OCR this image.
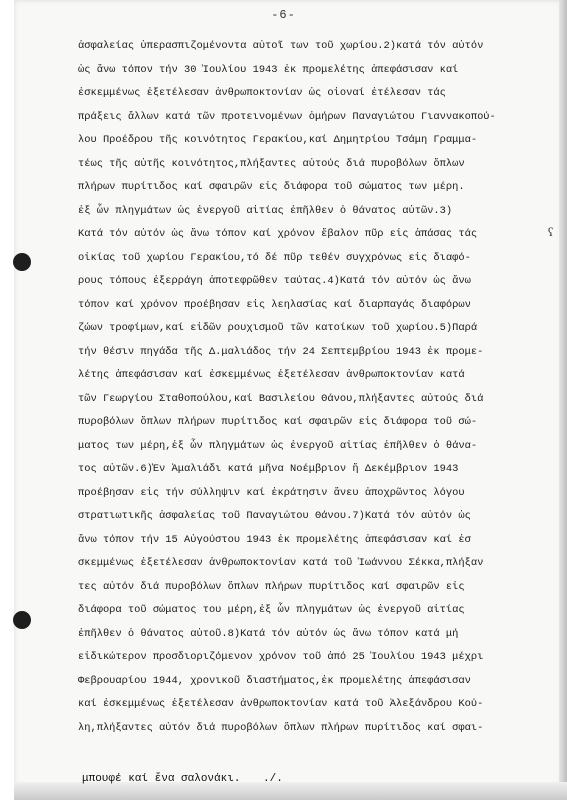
-6-
ʕ
ἀσφαλείας ὑπερασπιζομένοντα αὐτοῖ των τοῦ χωρίου.2)κατά τόν αὐτόν
ὡς ἄνω τόπον τήν 30 Ἰουλίου 1943 ἐκ προμελέτης ἀπεφάσισαν καί
ἐσκεμμένως ἐξετέλεσαν ἀνθρωποκτονίαν ὡς οἱοναί ἐτέλεσαν τάς
πράξεις ἄλλων κατά τῶν προτεινομένων ὁμήρων Παναγιώτου Γιαννακοπού-
λου Προέδρου τῆς κοινότητος Γερακίου,καί Δημητρίου Τσάμη Γραμμα-
τέως τῆς αὐτῆς κοινότητος,πλήξαντες αὐτούς διά πυροβόλων ὅπλων
πλήρων πυρίτιδος καί σφαιρῶν εἰς διάφορα τοῦ σώματος των μέρη.
ἐξ ὧν πληγμάτων ὡς ἐνεργοῦ αἰτίας ἐπῆλθεν ὁ θάνατος αὐτῶν.3)
Κατά τόν αὐτόν ὡς ἄνω τόπον καί χρόνον ἔβαλον πῦρ εἰς ἁπάσας τάς
οἰκίας τοῦ χωρίου Γερακίου,τό δέ πῦρ τεθέν συγχρόνως εἰς διαφό-
ρους τόπους ἐξερράγη ἀποτεφρῶθεν ταύτας.4)Κατά τόν αὐτόν ὡς ἄνω
τόπον καί χρόνον προέβησαν εἰς λεηλασίας καί διαρπαγάς διαφόρων
ζώων τροφίμων,καί εἰδῶν ρουχισμοῦ τῶν κατοίκων τοῦ χωρίου.5)Παρά
τήν θέσιν πηγάδα τῆς Δ.μαλιάδος τήν 24 Σεπτεμβρίου 1943 ἐκ προμε-
λέτης ἀπεφάσισαν καί ἐσκεμμένως ἐξετέλεσαν ἀνθρωποκτονίαν κατά
τῶν Γεωργίου Σταθοπούλου,καί Βασιλείου Θάνου,πλήξαντες αὐτούς διά
πυροβόλων ὅπλων πλήρων πυρίτιδος καί σφαιρῶν εἰς διάφορα τοῦ σώ-
ματος των μέρη,ἐξ ὧν πληγμάτων ὡς ἐνεργοῦ αἰτίας ἐπῆλθεν ὁ θάνα-
τος αὐτῶν.6)Ἐν Ἀμαλιάδι κατά μῆνα Νοέμβριον ἤ Δεκέμβριον 1943
προέβησαν εἰς τήν σύλληψιν καί ἐκράτησιν ἄνευ ἀποχρῶντος λόγου
στρατιωτικῆς ἀσφαλείας τοῦ Παναγιώτου Θάνου.7)Κατά τόν αὐτόν ὡς
ἄνω τόπον τήν 15 Αὐγούστου 1943 ἐκ προμελέτης ἀπεφάσισαν καί ἐσ
σκεμμένως ἐξετέλεσαν ἀνθρωποκτονίαν κατά τοῦ Ἰωάννου Σέκκα,πλήξαν
τες αὐτόν διά πυροβόλων ὅπλων πλήρων πυρίτιδος καί σφαιρῶν εἰς
διάφορα τοῦ σώματος του μέρη,ἐξ ὧν πληγμάτων ὡς ἐνεργοῦ αἰτίας
ἐπῆλθεν ὁ θάνατος αὐτοῦ.8)Κατά τόν αὐτόν ὡς ἄνω τόπον κατά μή
εἰδικώτερον προσδιοριζόμενον χρόνον τοῦ ἀπό 25 Ἰουλίου 1943 μέχρι
Φεβρουαρίου 1944, χρονικοῦ διαστήματος,ἐκ προμελέτης ἀπεφάσισαν
καί ἐσκεμμένως ἐξετέλεσαν ἀνθρωποκτονίαν κατά τοῦ Ἀλεξάνδρου Κού-
λη,πλήξαντες αὐτόν διά πυροβόλων ὅπλων πλήρων πυρίτιδος καί σφαι-
μπουφέ καί ἕνα σαλονάκι. ./.
